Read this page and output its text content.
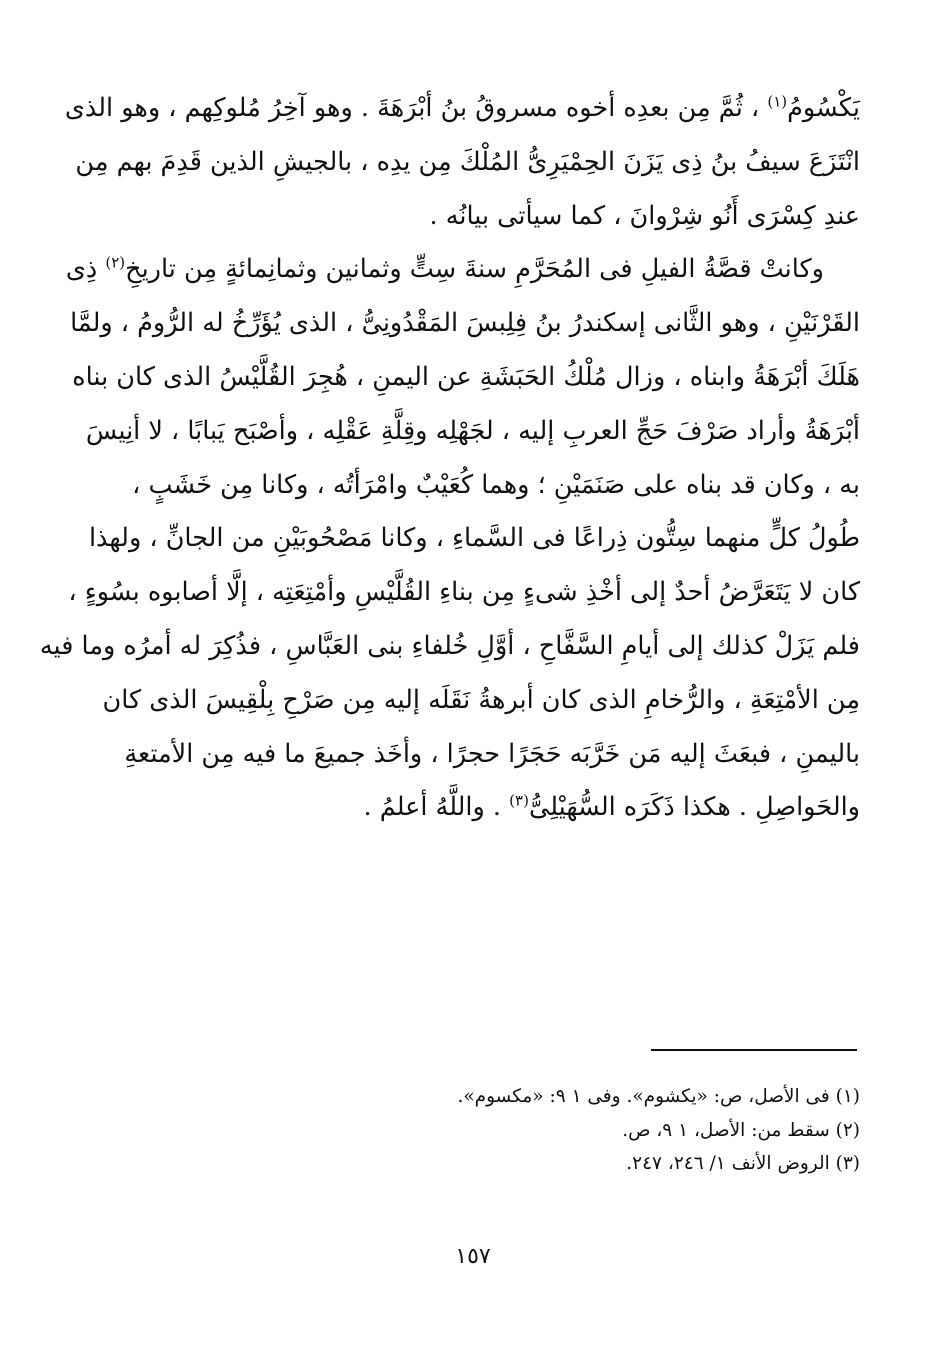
يَكْسُومُ$^{(١)}$ ، ثُمَّ مِن بعدِه أخوه مسروقُ بنُ أبْرَهَةَ . وهو آخِرُ مُلوكِهم ، وهو الذى
انْتَزَعَ سيفُ بنُ ذِى يَزَنَ الحِمْيَرِىُّ المُلْكَ مِن يدِه ، بالجيشِ الذين قَدِمَ بهم مِن
عندِ كِسْرَى أَنُو شِرْوانَ ، كما سيأتى بيانُه .

وكانتْ قصَّةُ الفيلِ فى المُحَرَّمِ سنةَ سِتٍّ وثمانين وثمانِمائةٍ مِن تاريخِ$^{(٢)}$ ذِى
القَرْنَيْنِ ، وهو الثَّانى إسكندرُ بنُ فِلِبسَ المَقْدُونِىُّ ، الذى يُؤَرِّخُ له الرُّومُ ، ولمَّا
هَلَكَ أبْرَهَةُ وابناه ، وزال مُلْكُ الحَبَشَةِ عن اليمنِ ، هُجِرَ القُلَّيْسُ الذى كان بناه
أبْرَهَةُ وأراد صَرْفَ حَجِّ العربِ إليه ، لجَهْلِه وقِلَّةِ عَقْلِه ، وأصْبَح يَبابًا ، لا أنِيسَ
به ، وكان قد بناه على صَنَمَيْنِ ؛ وهما كُعَيْبٌ وامْرَأتُه ، وكانا مِن خَشَبٍ ،
طُولُ كلٍّ منهما سِتُّون ذِراعًا فى السَّماءِ ، وكانا مَصْحُوبَيْنِ من الجانِّ ، ولهذا
كان لا يَتَعَرَّضُ أحدٌ إلى أخْذِ شىءٍ مِن بناءِ القُلَّيْسِ وأمْتِعَتِه ، إلَّا أصابوه بسُوءٍ ،
فلم يَزَلْ كذلك إلى أيامِ السَّفَّاحِ ، أوَّلِ خُلفاءِ بنى العَبَّاسِ ، فذُكِرَ له أمرُه وما فيه
مِن الأمْتِعَةِ ، والرُّخامِ الذى كان أبرهةُ نَقَلَه إليه مِن صَرْحِ بِلْقِيسَ الذى كان
باليمنِ ، فبعَثَ إليه مَن خَرَّبَه حَجَرًا حجرًا ، وأخَذ جميعَ ما فيه مِن الأمتعةِ
والحَواصِلِ . هكذا ذَكَرَه السُّهَيْلِىُّ$^{(٣)}$ . واللَّهُ أعلمُ .

(١) فى الأصل، ص: «يكشوم». وفى ١ ٩: «مكسوم».
(٢) سقط من: الأصل، ١ ٩، ص.
(٣) الروض الأنف ١/ ٢٤٦، ٢٤٧.
١٥٧
